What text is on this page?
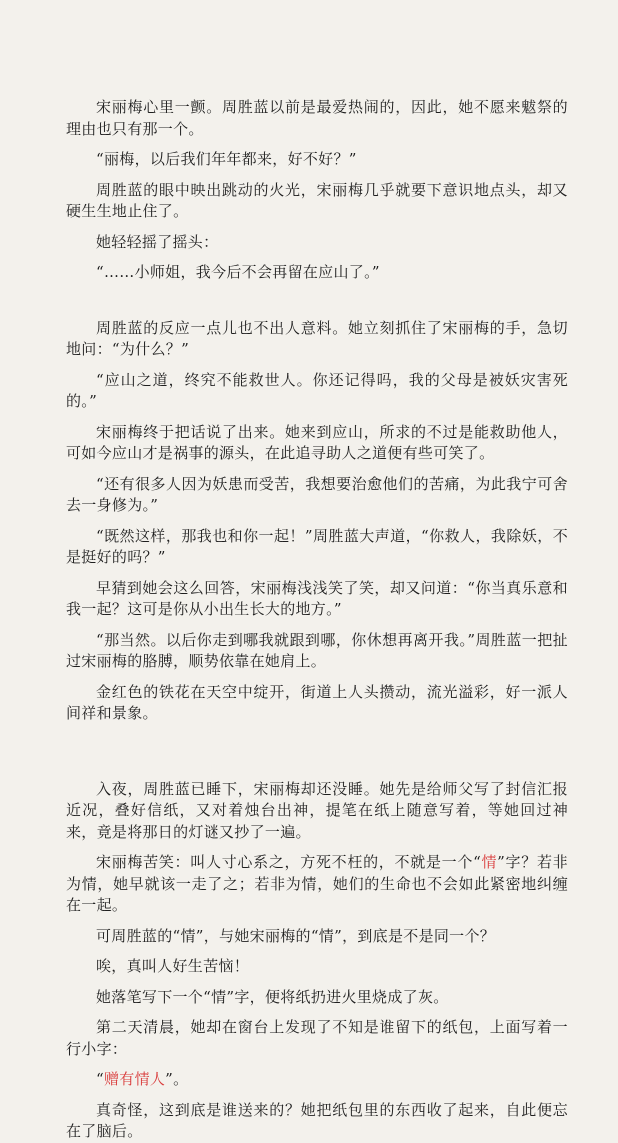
宋丽梅心里一颤。周胜蓝以前是最爱热闹的，因此，她不愿来魃祭的理由也只有那一个。

“丽梅，以后我们年年都来，好不好？”

周胜蓝的眼中映出跳动的火光，宋丽梅几乎就要下意识地点头，却又硬生生地止住了。

她轻轻摇了摇头：

“……小师姐，我今后不会再留在应山了。”

周胜蓝的反应一点儿也不出人意料。她立刻抓住了宋丽梅的手，急切地问：“为什么？”

“应山之道，终究不能救世人。你还记得吗，我的父母是被妖灾害死的。”

宋丽梅终于把话说了出来。她来到应山，所求的不过是能救助他人，可如今应山才是祸事的源头，在此追寻助人之道便有些可笑了。

“还有很多人因为妖患而受苦，我想要治愈他们的苦痛，为此我宁可舍去一身修为。”

“既然这样，那我也和你一起！”周胜蓝大声道，“你救人，我除妖，不是挺好的吗？”

早猜到她会这么回答，宋丽梅浅浅笑了笑，却又问道：“你当真乐意和我一起？这可是你从小出生长大的地方。”

“那当然。以后你走到哪我就跟到哪，你休想再离开我。”周胜蓝一把扯过宋丽梅的胳膊，顺势依靠在她肩上。

金红色的铁花在天空中绽开，街道上人头攒动，流光溢彩，好一派人间祥和景象。

入夜，周胜蓝已睡下，宋丽梅却还没睡。她先是给师父写了封信汇报近况，叠好信纸，又对着烛台出神，提笔在纸上随意写着，等她回过神来，竟是将那日的灯谜又抄了一遍。

宋丽梅苦笑：叫人寸心系之，方死不枉的，不就是一个“情”字？若非为情，她早就该一走了之；若非为情，她们的生命也不会如此紧密地纠缠在一起。

可周胜蓝的“情”，与她宋丽梅的“情”，到底是不是同一个？

唉，真叫人好生苦恼！

她落笔写下一个“情”字，便将纸扔进火里烧成了灰。

第二天清晨，她却在窗台上发现了不知是谁留下的纸包，上面写着一行小字：

“赠有情人”。

真奇怪，这到底是谁送来的？她把纸包里的东西收了起来，自此便忘在了脑后。
